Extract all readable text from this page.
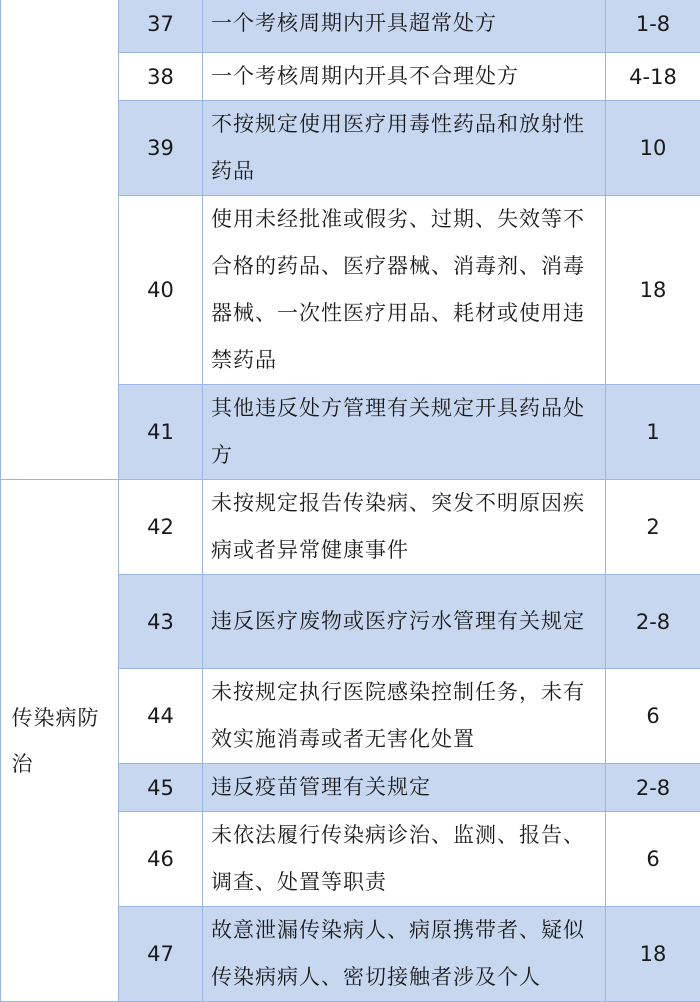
	37	一个考核周期内开具超常处方	1-8
	38	一个考核周期内开具不合理处方	4-18
	39	不按规定使用医疗用毒性药品和放射性药品	10
	40	使用未经批准或假劣、过期、失效等不合格的药品、医疗器械、消毒剂、消毒器械、一次性医疗用品、耗材或使用违禁药品	18
	41	其他违反处方管理有关规定开具药品处方	1
传染病防治	42	未按规定报告传染病、突发不明原因疾病或者异常健康事件	2
	43	违反医疗废物或医疗污水管理有关规定	2-8
	44	未按规定执行医院感染控制任务，未有效实施消毒或者无害化处置	6
	45	违反疫苗管理有关规定	2-8
	46	未依法履行传染病诊治、监测、报告、调查、处置等职责	6
	47	故意泄漏传染病人、病原携带者、疑似传染病病人、密切接触者涉及个人	18
